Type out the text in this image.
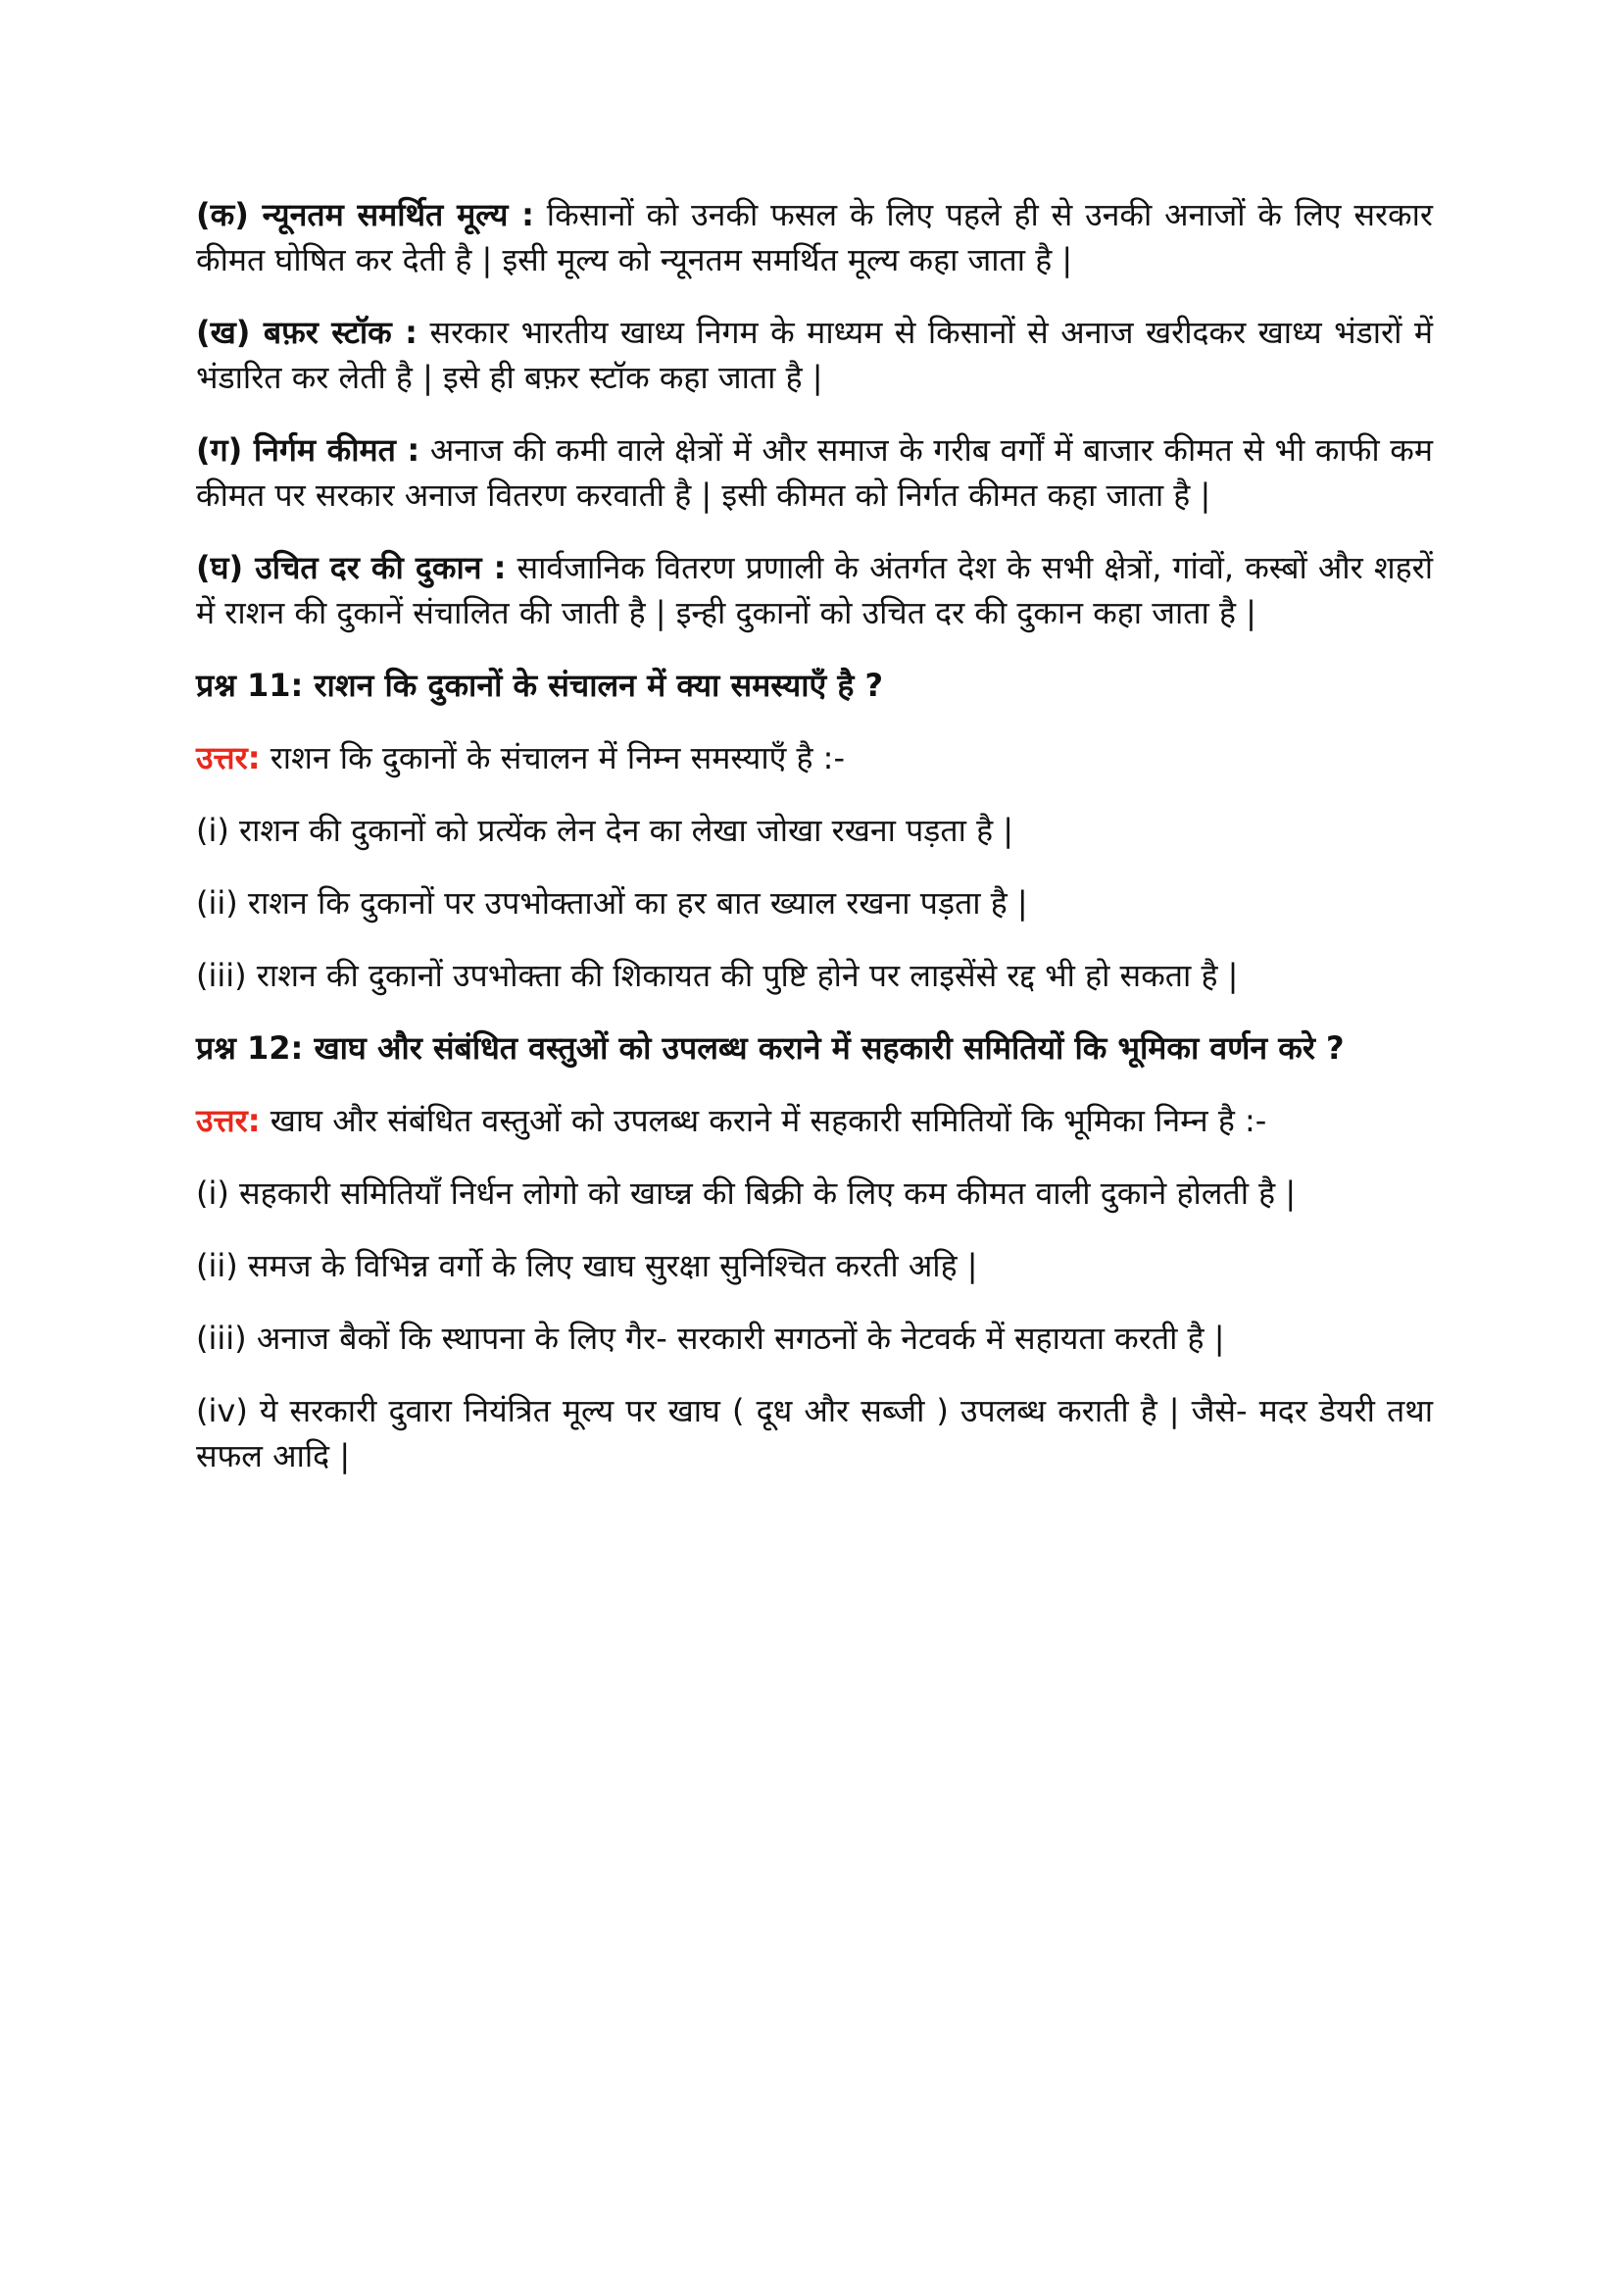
(क) न्यूनतम समर्थित मूल्य : किसानों को उनकी फसल के लिए पहले ही से उनकी अनाजों के लिए सरकार कीमत घोषित कर देती है | इसी मूल्य को न्यूनतम समर्थित मूल्य कहा जाता है |

(ख) बफ़र स्टॉक : सरकार भारतीय खाध्य निगम के माध्यम से किसानों से अनाज खरीदकर खाध्य भंडारों में भंडारित कर लेती है | इसे ही बफ़र स्टॉक कहा जाता है |

(ग) निर्गम कीमत : अनाज की कमी वाले क्षेत्रों में और समाज के गरीब वर्गों में बाजार कीमत से भी काफी कम कीमत पर सरकार अनाज वितरण करवाती है | इसी कीमत को निर्गत कीमत कहा जाता है |

(घ) उचित दर की दुकान : सार्वजानिक वितरण प्रणाली के अंतर्गत देश के सभी क्षेत्रों, गांवों, कस्बों और शहरों में राशन की दुकानें संचालित की जाती है | इन्ही दुकानों को उचित दर की दुकान कहा जाता है |

प्रश्न 11: राशन कि दुकानों के संचालन में क्या समस्याएँ है ?

उत्तर: राशन कि दुकानों के संचालन में निम्न समस्याएँ है :-

(i) राशन की दुकानों को प्रत्येंक लेन देन का लेखा जोखा रखना पड़ता है |

(ii) राशन कि दुकानों पर उपभोक्ताओं का हर बात ख्याल रखना पड़ता है |

(iii) राशन की दुकानों उपभोक्ता की शिकायत की पुष्टि होने पर लाइसेंसे रद्द भी हो सकता है |

प्रश्न 12: खाघ और संबंधित वस्तुओं को उपलब्ध कराने में सहकारी समितियों कि भूमिका वर्णन करे ?

उत्तर: खाघ और संबंधित वस्तुओं को उपलब्ध कराने में सहकारी समितियों कि भूमिका निम्न है :-

(i) सहकारी समितियाँ निर्धन लोगो को खाघ्न्न की बिक्री के लिए कम कीमत वाली दुकाने होलती है |

(ii) समज के विभिन्न वर्गो के लिए खाघ सुरक्षा सुनिश्चित करती अहि |

(iii) अनाज बैकों कि स्थापना के लिए गैर- सरकारी सगठनों के नेटवर्क में सहायता करती है |

(iv) ये सरकारी दुवारा नियंत्रित मूल्य पर खाघ ( दूध और सब्जी ) उपलब्ध कराती है | जैसे- मदर डेयरी तथा सफल आदि |
